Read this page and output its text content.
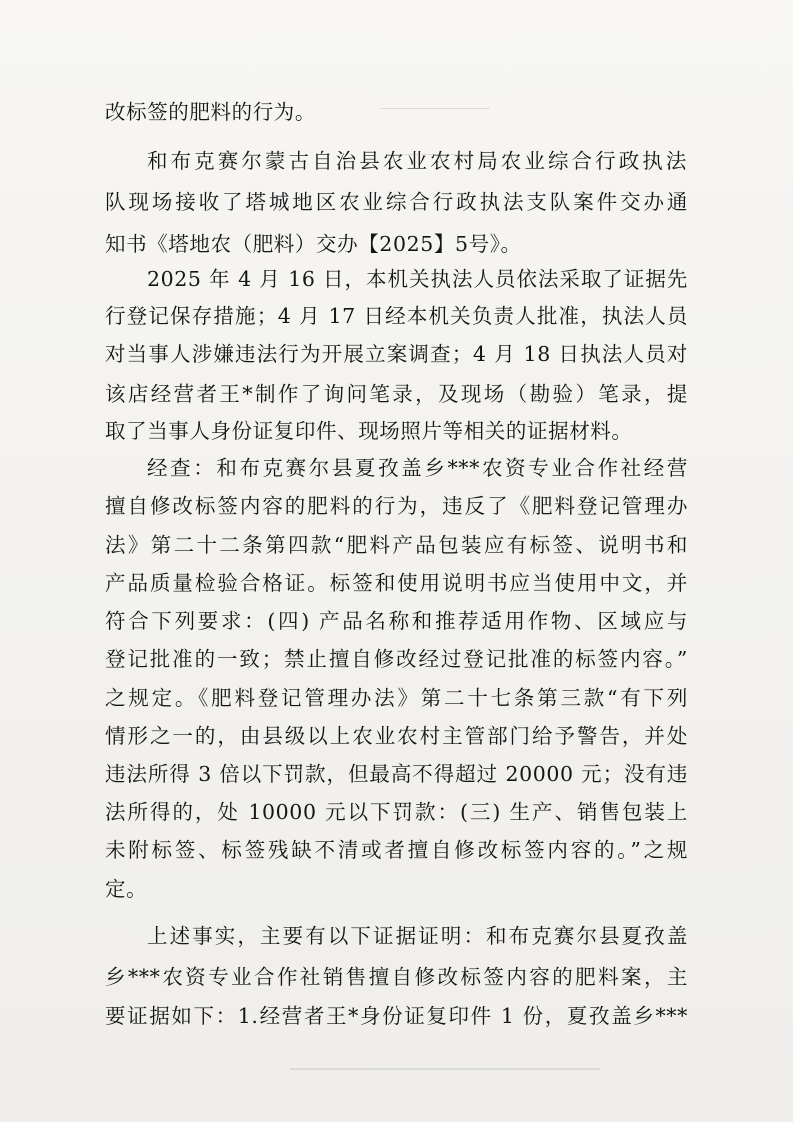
改标签的肥料的行为。
和布克赛尔蒙古自治县农业农村局农业综合行政执法
队现场接收了塔城地区农业综合行政执法支队案件交办通
知书《塔地农（肥料）交办【2025】5号》。
2025 年 4 月 16 日，本机关执法人员依法采取了证据先
行登记保存措施；4 月 17 日经本机关负责人批准，执法人员
对当事人涉嫌违法行为开展立案调查；4 月 18 日执法人员对
该店经营者王*制作了询问笔录，及现场（勘验）笔录，提
取了当事人身份证复印件、现场照片等相关的证据材料。
经查：和布克赛尔县夏孜盖乡***农资专业合作社经营
擅自修改标签内容的肥料的行为，违反了《肥料登记管理办
法》第二十二条第四款“肥料产品包装应有标签、说明书和
产品质量检验合格证。标签和使用说明书应当使用中文，并
符合下列要求：(四) 产品名称和推荐适用作物、区域应与
登记批准的一致；禁止擅自修改经过登记批准的标签内容。”
之规定。《肥料登记管理办法》第二十七条第三款“有下列
情形之一的，由县级以上农业农村主管部门给予警告，并处
违法所得 3 倍以下罚款，但最高不得超过 20000 元；没有违
法所得的，处 10000 元以下罚款：(三) 生产、销售包装上
未附标签、标签残缺不清或者擅自修改标签内容的。”之规
定。
上述事实，主要有以下证据证明：和布克赛尔县夏孜盖
乡***农资专业合作社销售擅自修改标签内容的肥料案，主
要证据如下：1.经营者王*身份证复印件 1 份，夏孜盖乡***
